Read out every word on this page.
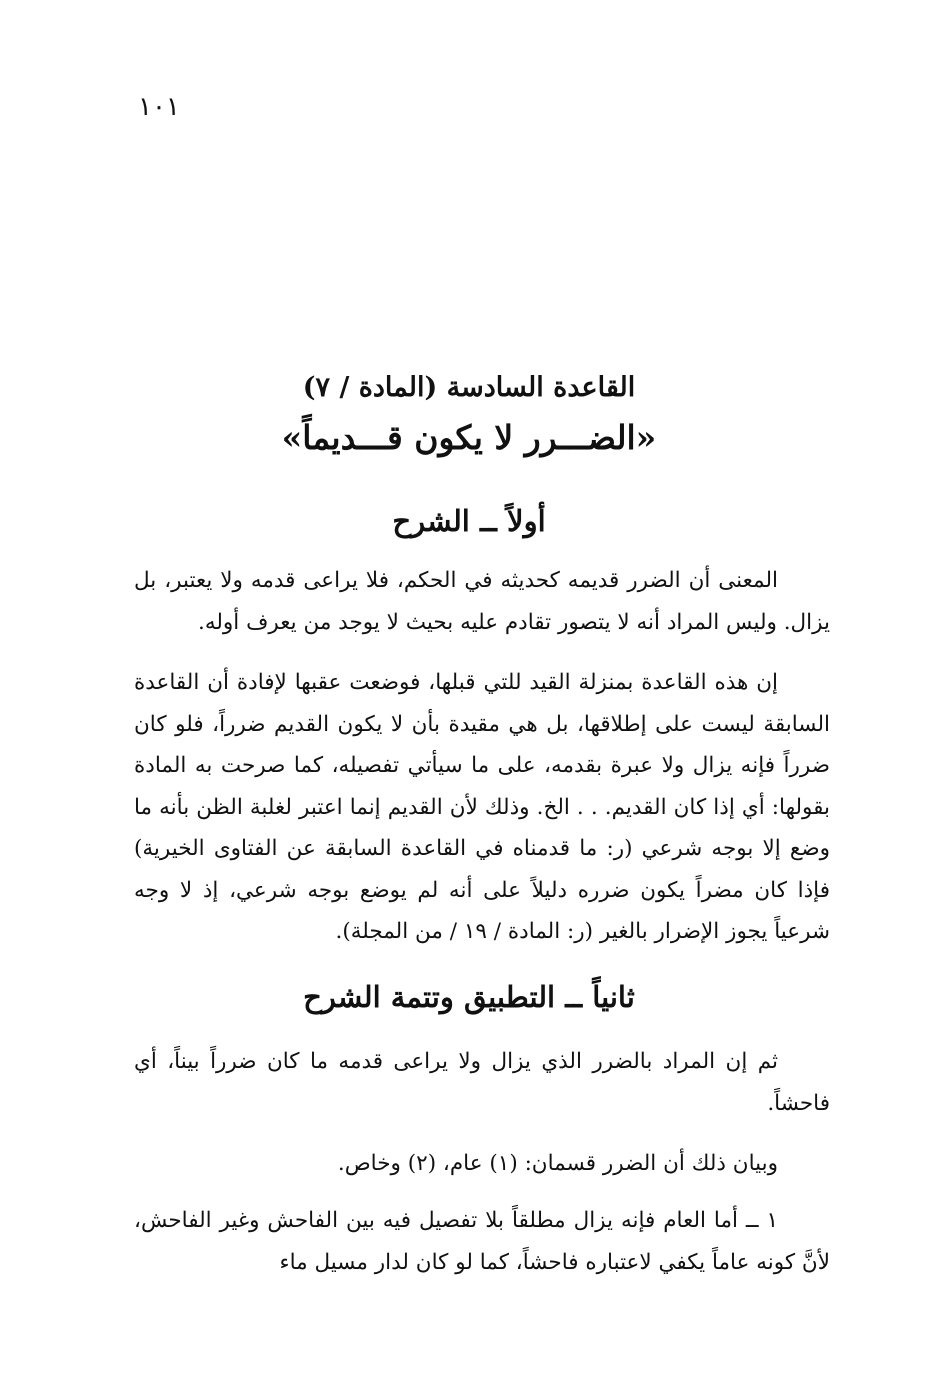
١٠١
القاعدة السادسة (المادة / ٧)
«الضـــرر لا يكون قـــديماً»
أولاً ــ الشرح

المعنى أن الضرر قديمه كحديثه في الحكم، فلا يراعى قدمه ولا يعتبر، بل يزال. وليس المراد أنه لا يتصور تقادم عليه بحيث لا يوجد من يعرف أوله.

إن هذه القاعدة بمنزلة القيد للتي قبلها، فوضعت عقبها لإفادة أن القاعدة السابقة ليست على إطلاقها، بل هي مقيدة بأن لا يكون القديم ضرراً، فلو كان ضرراً فإنه يزال ولا عبرة بقدمه، على ما سيأتي تفصيله، كما صرحت به المادة بقولها: أي إذا كان القديم. . . الخ. وذلك لأن القديم إنما اعتبر لغلبة الظن بأنه ما وضع إلا بوجه شرعي (ر: ما قدمناه في القاعدة السابقة عن الفتاوى الخيرية) فإذا كان مضراً يكون ضرره دليلاً على أنه لم يوضع بوجه شرعي، إذ لا وجه شرعياً يجوز الإضرار بالغير (ر: المادة / ١٩ / من المجلة).

ثانياً ــ التطبيق وتتمة الشرح

ثم إن المراد بالضرر الذي يزال ولا يراعى قدمه ما كان ضرراً بيناً، أي فاحشاً.

وبيان ذلك أن الضرر قسمان: (١) عام، (٢) وخاص.

١ ــ أما العام فإنه يزال مطلقاً بلا تفصيل فيه بين الفاحش وغير الفاحش، لأنَّ كونه عاماً يكفي لاعتباره فاحشاً، كما لو كان لدار مسيل ماء
